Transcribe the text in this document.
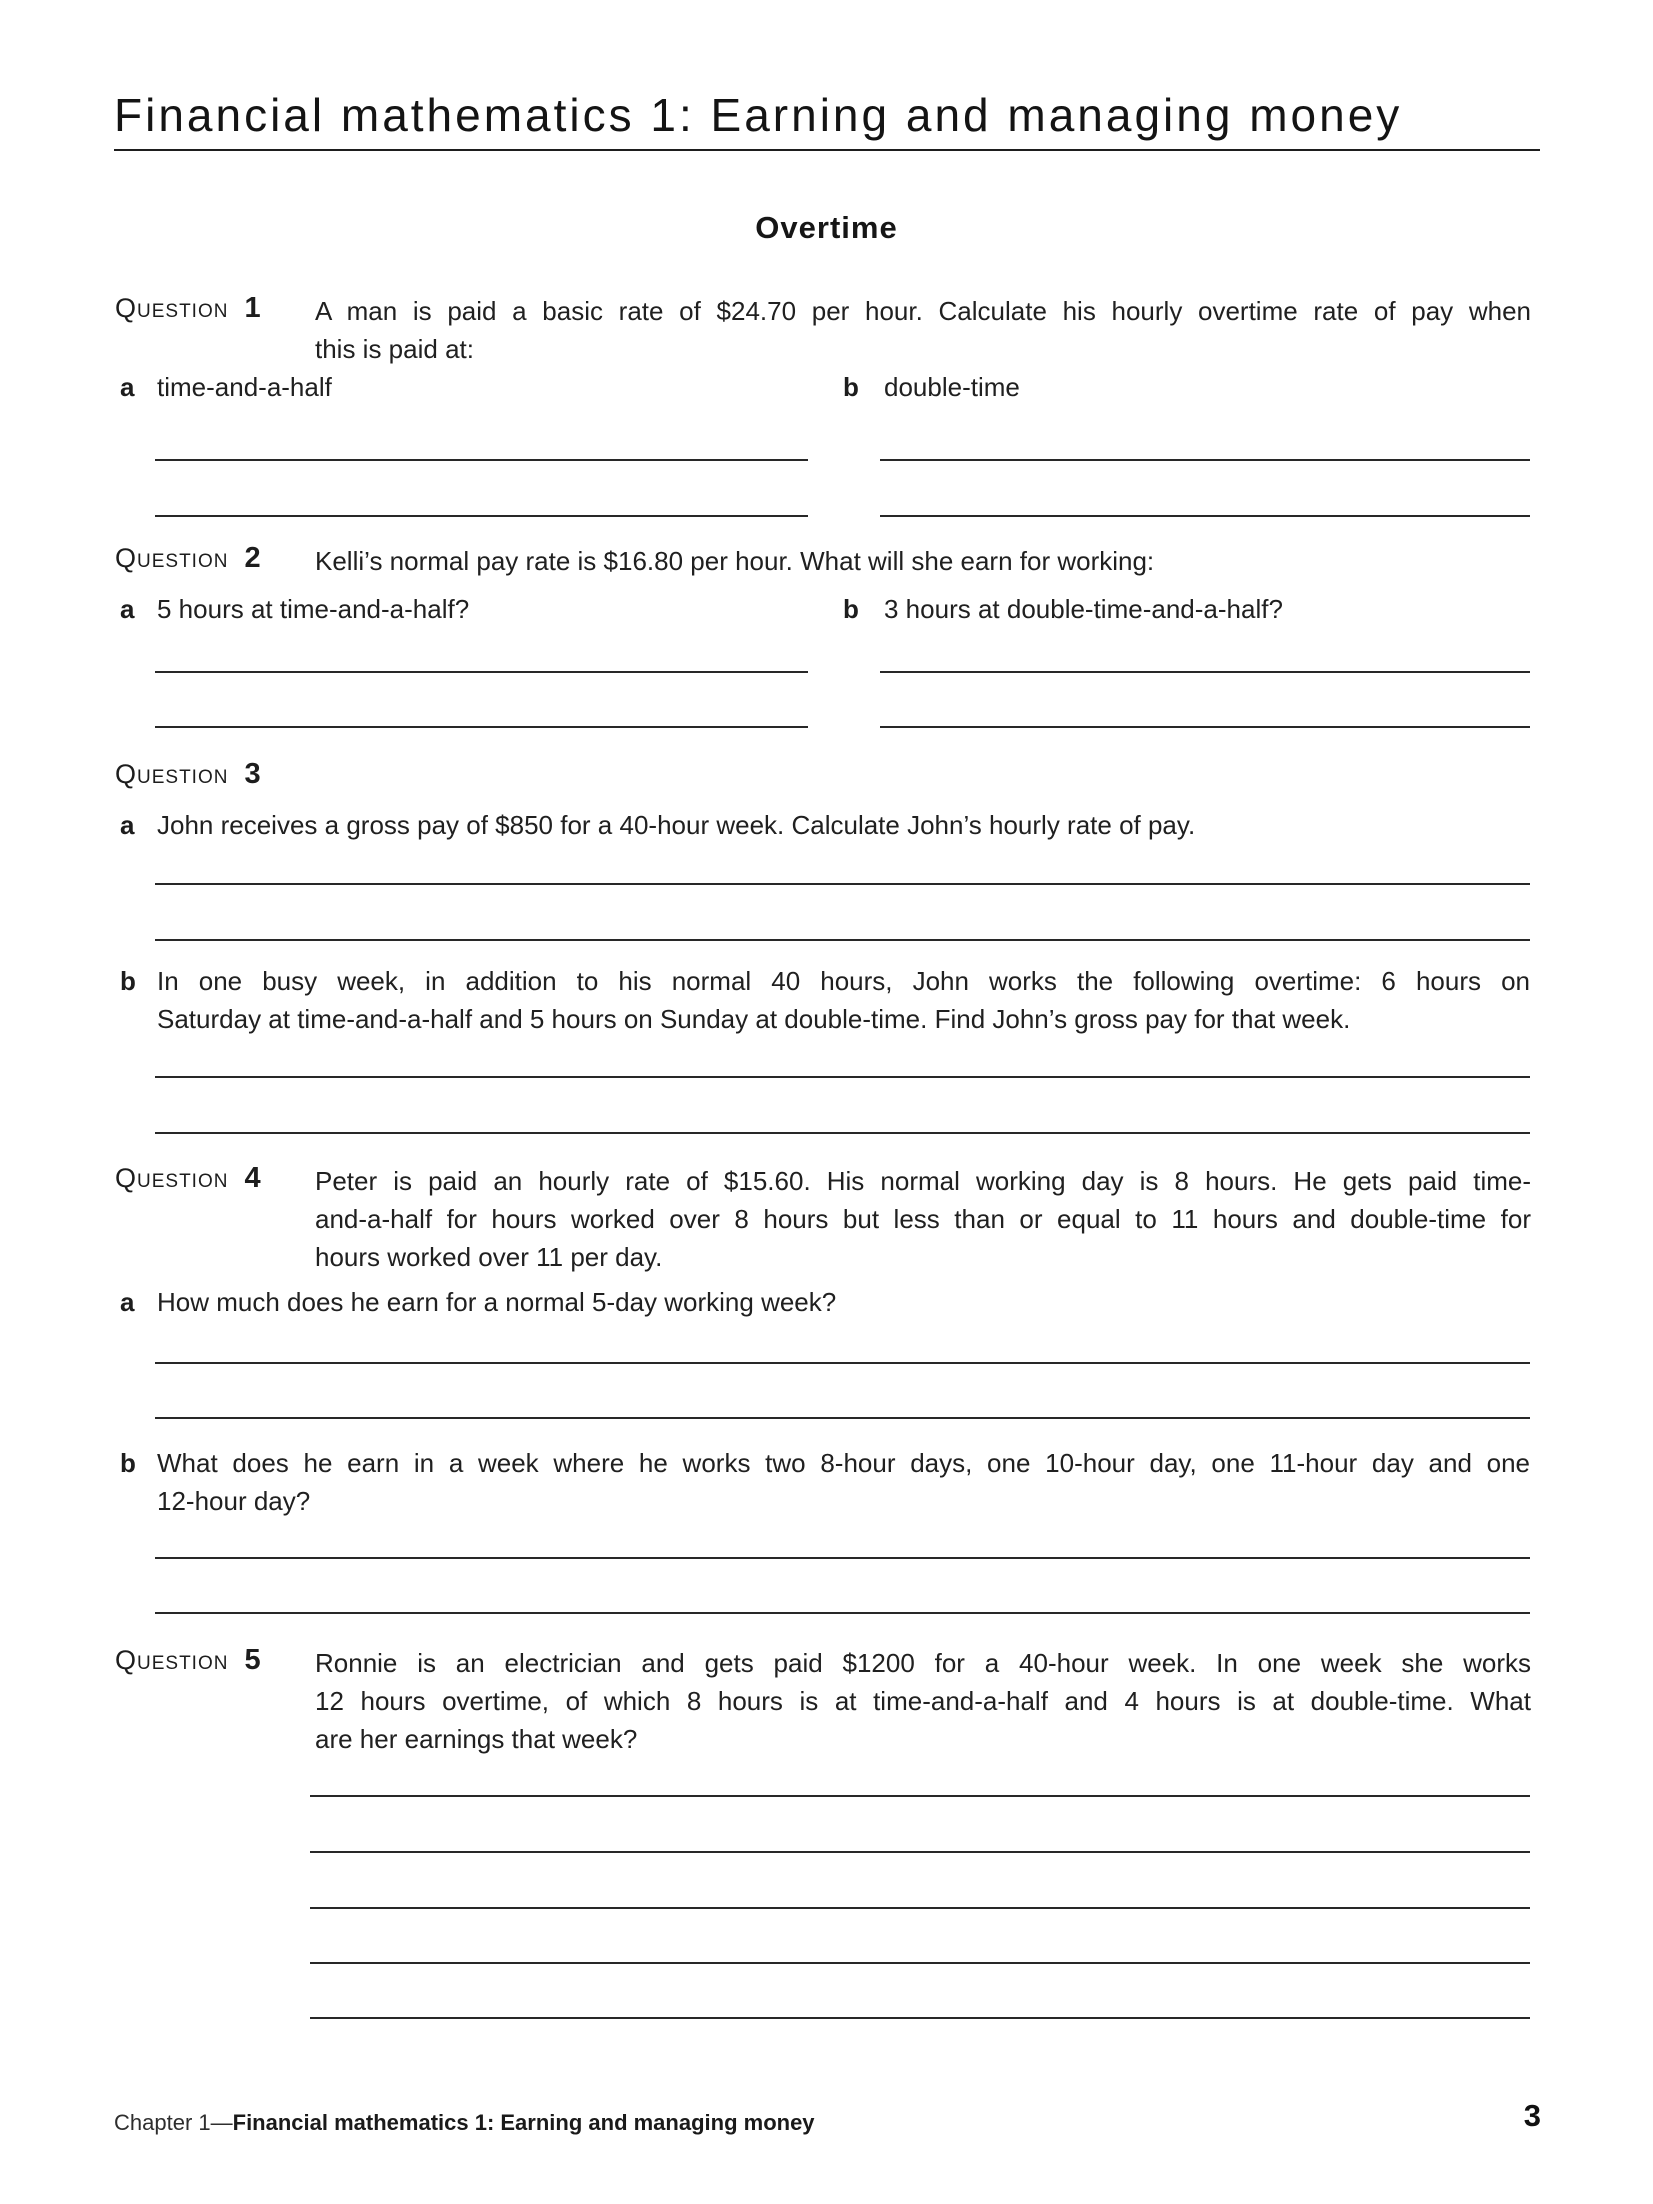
Financial mathematics 1: Earning and managing money
Overtime
Question 1 A man is paid a basic rate of $24.70 per hour. Calculate his hourly overtime rate of pay when
this is paid at:
a time-and-a-half	b double-time
Question 2 Kelli’s normal pay rate is $16.80 per hour. What will she earn for working:
a 5 hours at time-and-a-half?	b 3 hours at double-time-and-a-half?
Question 3
a John receives a gross pay of $850 for a 40-hour week. Calculate John’s hourly rate of pay.
b In one busy week, in addition to his normal 40 hours, John works the following overtime: 6 hours on
Saturday at time-and-a-half and 5 hours on Sunday at double-time. Find John’s gross pay for that week.
Question 4 Peter is paid an hourly rate of $15.60. His normal working day is 8 hours. He gets paid time-
and-a-half for hours worked over 8 hours but less than or equal to 11 hours and double-time for
hours worked over 11 per day.
a How much does he earn for a normal 5-day working week?
b What does he earn in a week where he works two 8-hour days, one 10-hour day, one 11-hour day and one
12-hour day?
Question 5 Ronnie is an electrician and gets paid $1200 for a 40-hour week. In one week she works
12 hours overtime, of which 8 hours is at time-and-a-half and 4 hours is at double-time. What
are her earnings that week?
Chapter 1—Financial mathematics 1: Earning and managing money	3
